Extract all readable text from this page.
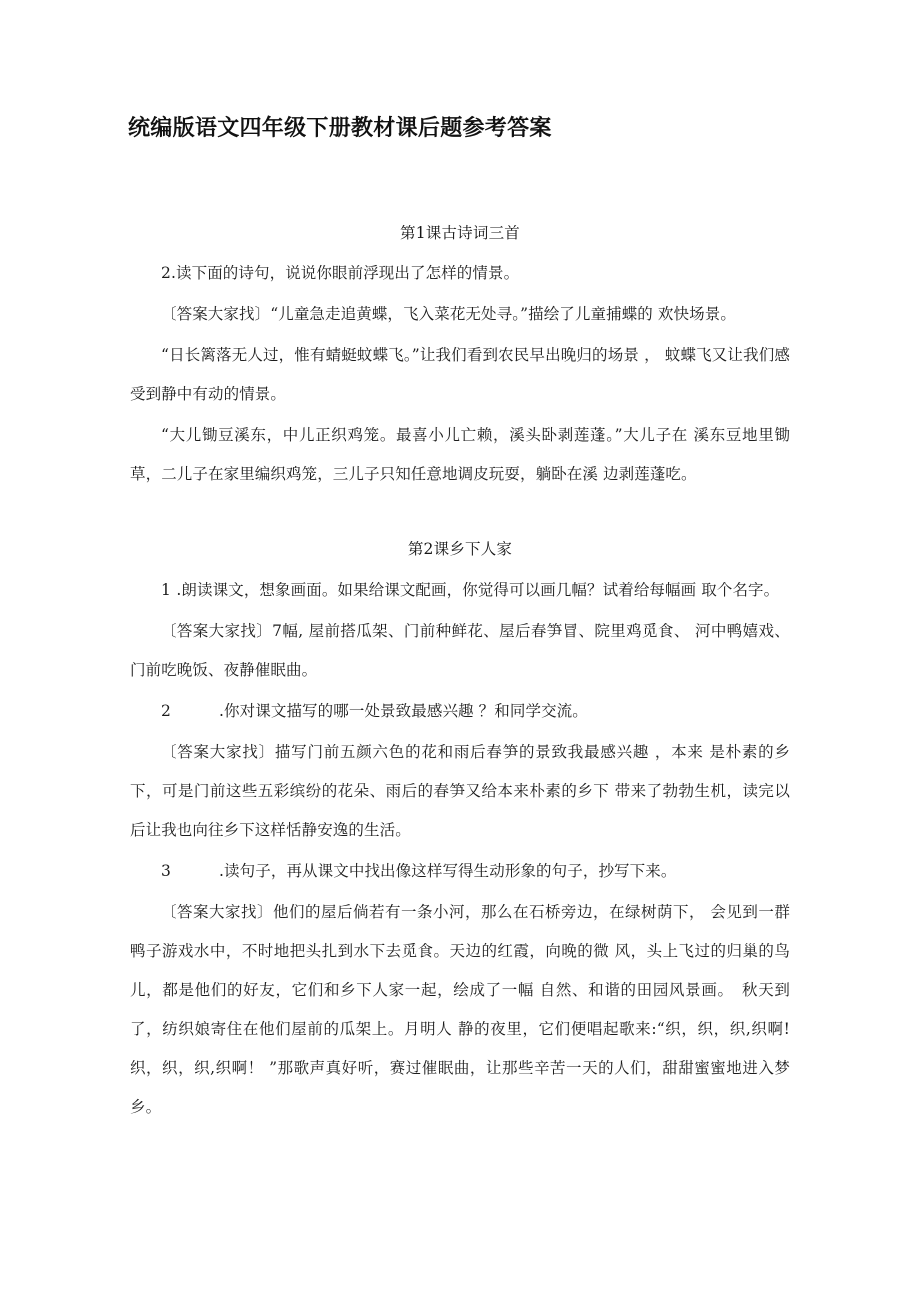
统编版语文四年级下册教材课后题参考答案
第1课古诗词三首

2.读下面的诗句，说说你眼前浮现出了怎样的情景。

〔答案大家找〕“儿童急走追黄蝶，飞入菜花无处寻。”描绘了儿童捕蝶的 欢快场景。

“日长篱落无人过，惟有蜻蜓蚊蝶飞。”让我们看到农民早出晚归的场景 ， 蚊蝶飞又让我们感受到静中有动的情景。

“大儿锄豆溪东，中儿正织鸡笼。最喜小儿亡赖，溪头卧剥莲蓬。”大儿子在 溪东豆地里锄草，二儿子在家里编织鸡笼，三儿子只知任意地调皮玩耍，躺卧在溪 边剥莲蓬吃。

第2课乡下人家

1 .朗读课文，想象画面。如果给课文配画，你觉得可以画几幅？试着给每幅画 取个名字。

〔答案大家找〕7幅, 屋前搭瓜架、门前种鲜花、屋后春笋冒、院里鸡觅食、 河中鸭嬉戏、门前吃晚饭、夜静催眠曲。

2	.你对课文描写的哪一处景致最感兴趣 ？和同学交流。

〔答案大家找〕描写门前五颜六色的花和雨后春笋的景致我最感兴趣 ，本来 是朴素的乡下，可是门前这些五彩缤纷的花朵、雨后的春笋又给本来朴素的乡下 带来了勃勃生机，读完以后让我也向往乡下这样恬静安逸的生活。

3	.读句子，再从课文中找出像这样写得生动形象的句子，抄写下来。

〔答案大家找〕他们的屋后倘若有一条小河，那么在石桥旁边，在绿树荫下， 会见到一群鸭子游戏水中，不时地把头扎到水下去觅食。天边的红霞，向晚的微 风，头上飞过的归巢的鸟儿，都是他们的好友，它们和乡下人家一起，绘成了一幅 自然、和谐的田园风景画。　秋天到了，纺织娘寄住在他们屋前的瓜架上。月明人 静的夜里，它们便唱起歌来:“织，织，织,织啊!织，织，织,织啊！ ”那歌声真好听，赛过催眠曲，让那些辛苦一天的人们，甜甜蜜蜜地进入梦乡。
